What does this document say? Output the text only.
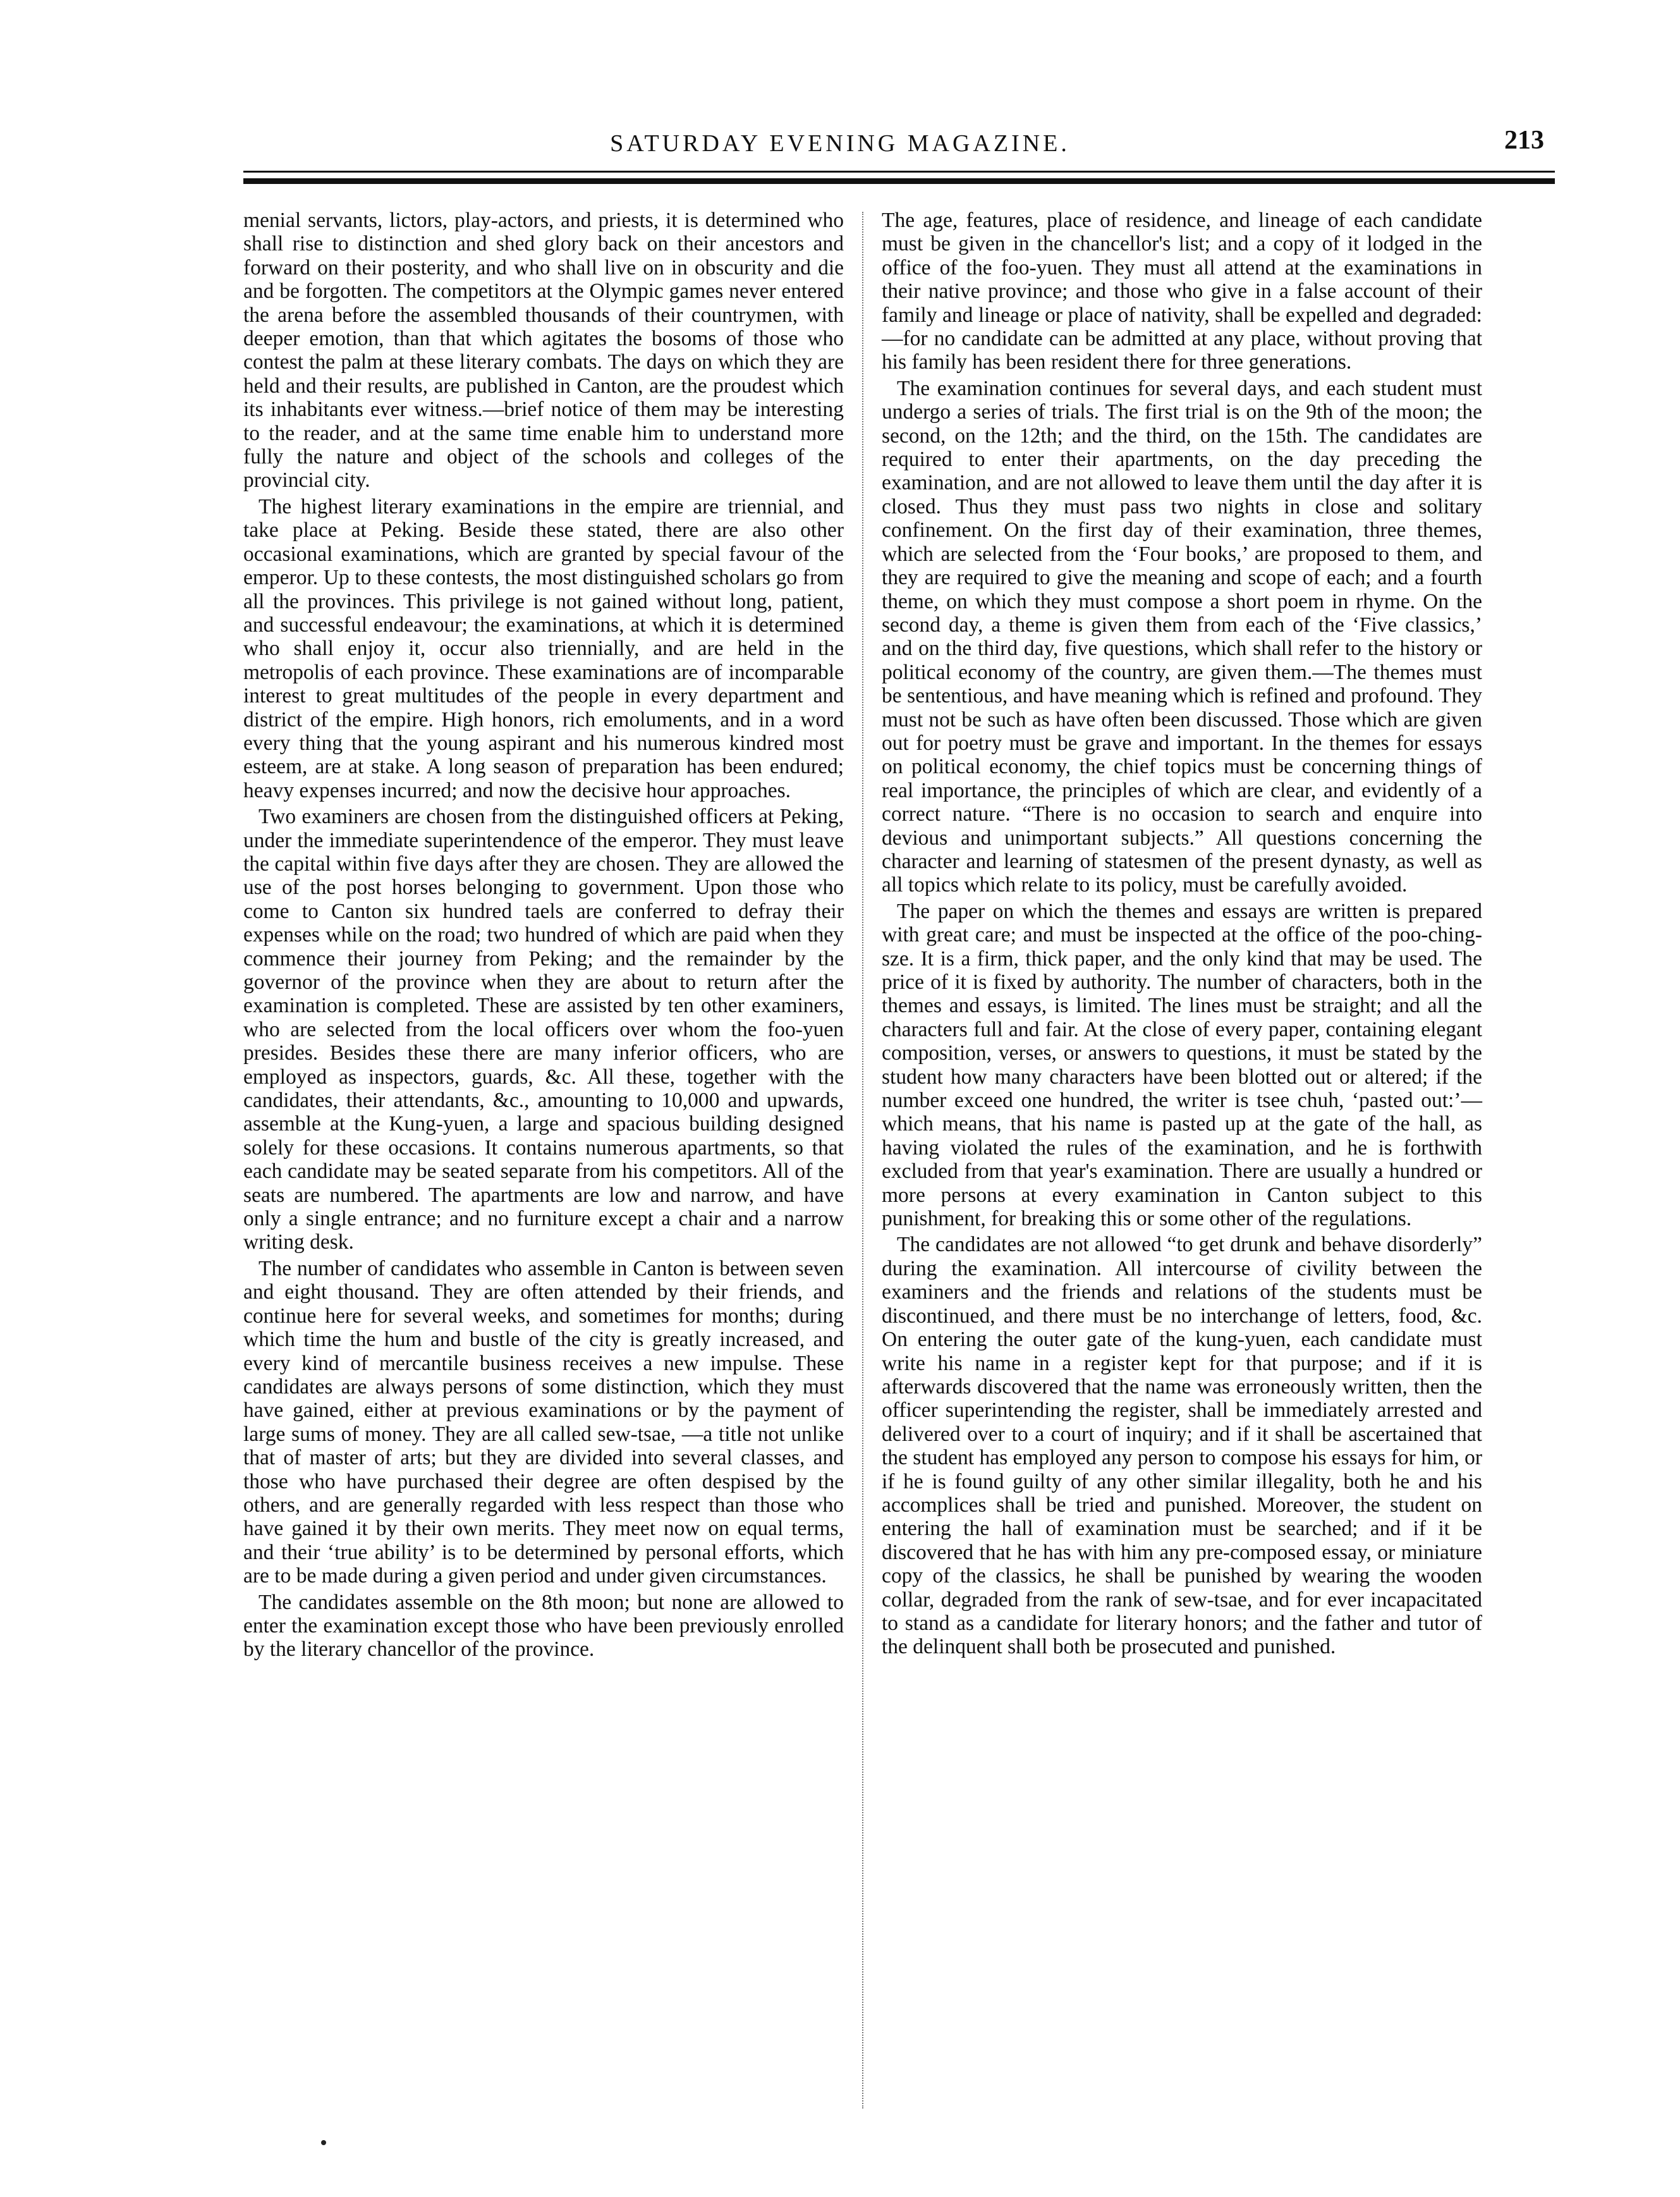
SATURDAY EVENING MAGAZINE.	213

menial servants, lictors, play-actors, and priests, it is determined who shall rise to distinction and shed glory back on their ancestors and forward on their posterity, and who shall live on in obscurity and die and be forgotten. The competitors at the Olympic games never entered the arena before the assembled thousands of their countrymen, with deeper emotion, than that which agitates the bosoms of those who contest the palm at these literary combats. The days on which they are held and their results, are published in Canton, are the proudest which its inhabitants ever witness.—brief notice of them may be interesting to the reader, and at the same time enable him to understand more fully the nature and object of the schools and colleges of the provincial city.

The highest literary examinations in the empire are triennial, and take place at Peking. Beside these stated, there are also other occasional examinations, which are granted by special favour of the emperor. Up to these contests, the most distinguished scholars go from all the provinces. This privilege is not gained without long, patient, and successful endeavour; the examinations, at which it is determined who shall enjoy it, occur also triennially, and are held in the metropolis of each province. These examinations are of incomparable interest to great multitudes of the people in every department and district of the empire. High honors, rich emoluments, and in a word every thing that the young aspirant and his numerous kindred most esteem, are at stake. A long season of preparation has been endured; heavy expenses incurred; and now the decisive hour approaches.

Two examiners are chosen from the distinguished officers at Peking, under the immediate superintendence of the emperor. They must leave the capital within five days after they are chosen. They are allowed the use of the post horses belonging to government. Upon those who come to Canton six hundred taels are conferred to defray their expenses while on the road; two hundred of which are paid when they commence their journey from Peking; and the remainder by the governor of the province when they are about to return after the examination is completed. These are assisted by ten other examiners, who are selected from the local officers over whom the foo-yuen presides. Besides these there are many inferior officers, who are employed as inspectors, guards, &c. All these, together with the candidates, their attendants, &c., amounting to 10,000 and upwards, assemble at the Kung-yuen, a large and spacious building designed solely for these occasions. It contains numerous apartments, so that each candidate may be seated separate from his competitors. All of the seats are numbered. The apartments are low and narrow, and have only a single entrance; and no furniture except a chair and a narrow writing desk.

The number of candidates who assemble in Canton is between seven and eight thousand. They are often attended by their friends, and continue here for several weeks, and sometimes for months; during which time the hum and bustle of the city is greatly increased, and every kind of mercantile business receives a new impulse. These candidates are always persons of some distinction, which they must have gained, either at previous examinations or by the payment of large sums of money. They are all called sew-tsae, —a title not unlike that of master of arts; but they are divided into several classes, and those who have purchased their degree are often despised by the others, and are generally regarded with less respect than those who have gained it by their own merits. They meet now on equal terms, and their ‘true ability’ is to be determined by personal efforts, which are to be made during a given period and under given circumstances.

The candidates assemble on the 8th moon; but none are allowed to enter the examination except those who have been previously enrolled by the literary chancellor of the province.

The age, features, place of residence, and lineage of each candidate must be given in the chancellor's list; and a copy of it lodged in the office of the foo-yuen. They must all attend at the examinations in their native province; and those who give in a false account of their family and lineage or place of nativity, shall be expelled and degraded:—for no candidate can be admitted at any place, without proving that his family has been resident there for three generations.

The examination continues for several days, and each student must undergo a series of trials. The first trial is on the 9th of the moon; the second, on the 12th; and the third, on the 15th. The candidates are required to enter their apartments, on the day preceding the examination, and are not allowed to leave them until the day after it is closed. Thus they must pass two nights in close and solitary confinement. On the first day of their examination, three themes, which are selected from the ‘Four books,’ are proposed to them, and they are required to give the meaning and scope of each; and a fourth theme, on which they must compose a short poem in rhyme. On the second day, a theme is given them from each of the ‘Five classics,’ and on the third day, five questions, which shall refer to the history or political economy of the country, are given them.—The themes must be sententious, and have meaning which is refined and profound. They must not be such as have often been discussed. Those which are given out for poetry must be grave and important. In the themes for essays on political economy, the chief topics must be concerning things of real importance, the principles of which are clear, and evidently of a correct nature. “There is no occasion to search and enquire into devious and unimportant subjects.” All questions concerning the character and learning of statesmen of the present dynasty, as well as all topics which relate to its policy, must be carefully avoided.

The paper on which the themes and essays are written is prepared with great care; and must be inspected at the office of the poo-ching-sze. It is a firm, thick paper, and the only kind that may be used. The price of it is fixed by authority. The number of characters, both in the themes and essays, is limited. The lines must be straight; and all the characters full and fair. At the close of every paper, containing elegant composition, verses, or answers to questions, it must be stated by the student how many characters have been blotted out or altered; if the number exceed one hundred, the writer is tsee chuh, ‘pasted out:’—which means, that his name is pasted up at the gate of the hall, as having violated the rules of the examination, and he is forthwith excluded from that year's examination. There are usually a hundred or more persons at every examination in Canton subject to this punishment, for breaking this or some other of the regulations.

The candidates are not allowed “to get drunk and behave disorderly” during the examination. All intercourse of civility between the examiners and the friends and relations of the students must be discontinued, and there must be no interchange of letters, food, &c. On entering the outer gate of the kung-yuen, each candidate must write his name in a register kept for that purpose; and if it is afterwards discovered that the name was erroneously written, then the officer superintending the register, shall be immediately arrested and delivered over to a court of inquiry; and if it shall be ascertained that the student has employed any person to compose his essays for him, or if he is found guilty of any other similar illegality, both he and his accomplices shall be tried and punished. Moreover, the student on entering the hall of examination must be searched; and if it be discovered that he has with him any pre-composed essay, or miniature copy of the classics, he shall be punished by wearing the wooden collar, degraded from the rank of sew-tsae, and for ever incapacitated to stand as a candidate for literary honors; and the father and tutor of the delinquent shall both be prosecuted and punished.
